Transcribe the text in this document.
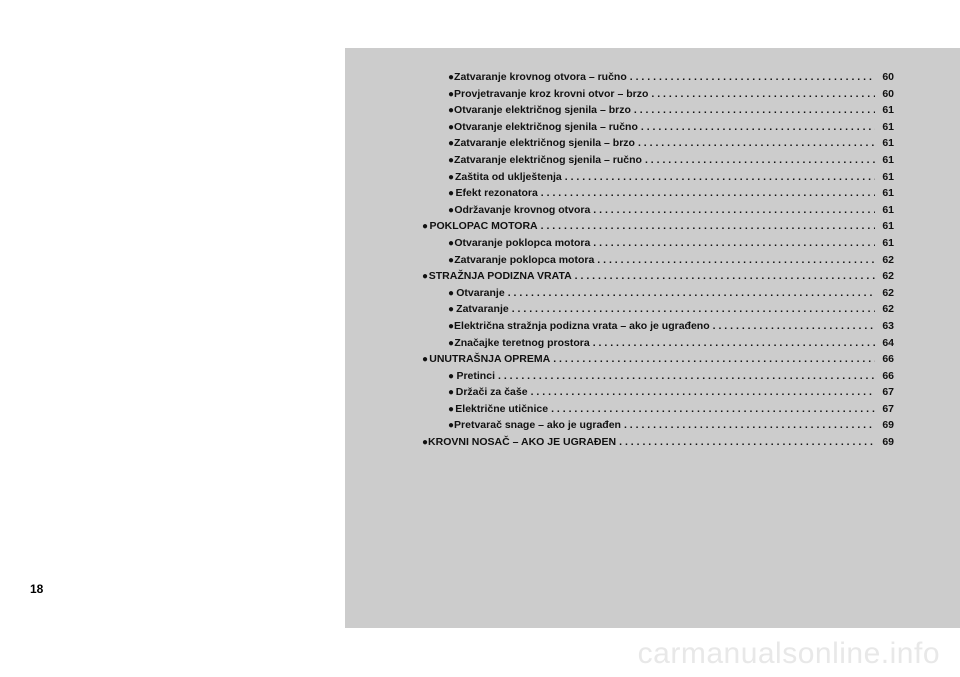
● Zatvaranje krovnog otvora – ručno . . .	60
● Provjetravanje kroz krovni otvor – brzo . . .	60
● Otvaranje električnog sjenila – brzo . . .	61
● Otvaranje električnog sjenila – ručno . . .	61
● Zatvaranje električnog sjenila – brzo . . .	61
● Zatvaranje električnog sjenila – ručno . . .	61
● Zaštita od uklještenja . . .	61
● Efekt rezonatora . . .	61
● Održavanje krovnog otvora . . .	61
● POKLOPAC MOTORA . . .	61
● Otvaranje poklopca motora . . .	61
● Zatvaranje poklopca motora . . .	62
● STRAŽNJA PODIZNA VRATA . . .	62
● Otvaranje . . .	62
● Zatvaranje . . .	62
● Električna stražnja podizna vrata – ako je ugrađeno . . .	63
● Značajke teretnog prostora . . .	64
● UNUTRAŠNJA OPREMA . . .	66
● Pretinci . . .	66
● Držači za čaše . . .	67
● Električne utičnice . . .	67
● Pretvarač snage – ako je ugrađen . . .	69
● KROVNI NOSAČ – AKO JE UGRAĐEN . . .	69
18
carmanualsonline.info
